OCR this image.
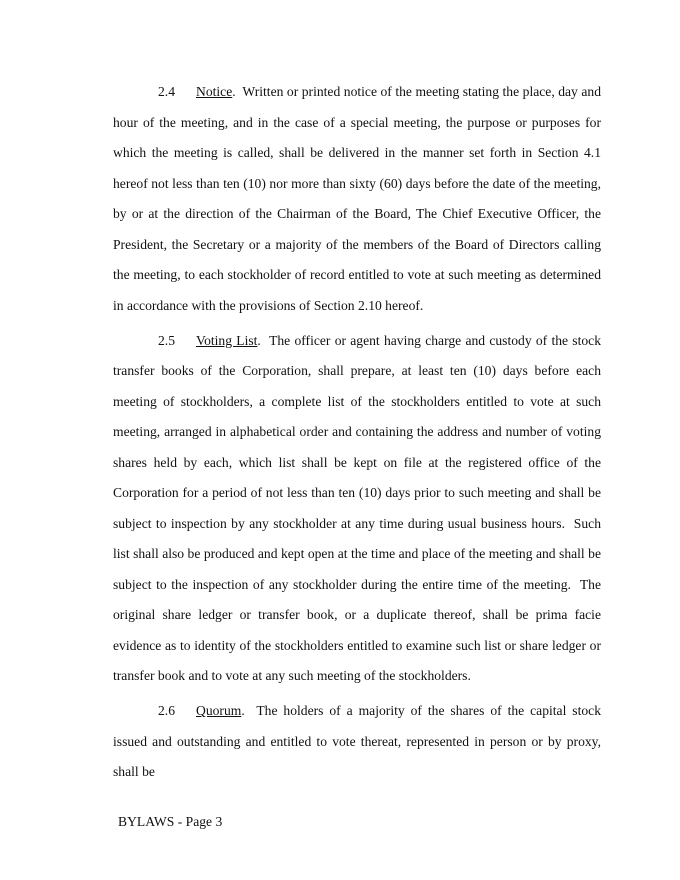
2.4 Notice.  Written or printed notice of the meeting stating the place, day and hour of the meeting, and in the case of a special meeting, the purpose or purposes for which the meeting is called, shall be delivered in the manner set forth in Section 4.1 hereof not less than ten (10) nor more than sixty (60) days before the date of the meeting, by or at the direction of the Chairman of the Board, The Chief Executive Officer, the President, the Secretary or a majority of the members of the Board of Directors calling the meeting, to each stockholder of record entitled to vote at such meeting as determined in accordance with the provisions of Section 2.10 hereof.

2.5 Voting List.  The officer or agent having charge and custody of the stock transfer books of the Corporation, shall prepare, at least ten (10) days before each meeting of stockholders, a complete list of the stockholders entitled to vote at such meeting, arranged in alphabetical order and containing the address and number of voting shares held by each, which list shall be kept on file at the registered office of the Corporation for a period of not less than ten (10) days prior to such meeting and shall be subject to inspection by any stockholder at any time during usual business hours.  Such list shall also be produced and kept open at the time and place of the meeting and shall be subject to the inspection of any stockholder during the entire time of the meeting.  The original share ledger or transfer book, or a duplicate thereof, shall be prima facie evidence as to identity of the stockholders entitled to examine such list or share ledger or transfer book and to vote at any such meeting of the stockholders.

2.6 Quorum.  The holders of a majority of the shares of the capital stock issued and outstanding and entitled to vote thereat, represented in person or by proxy, shall be

BYLAWS - Page 3
